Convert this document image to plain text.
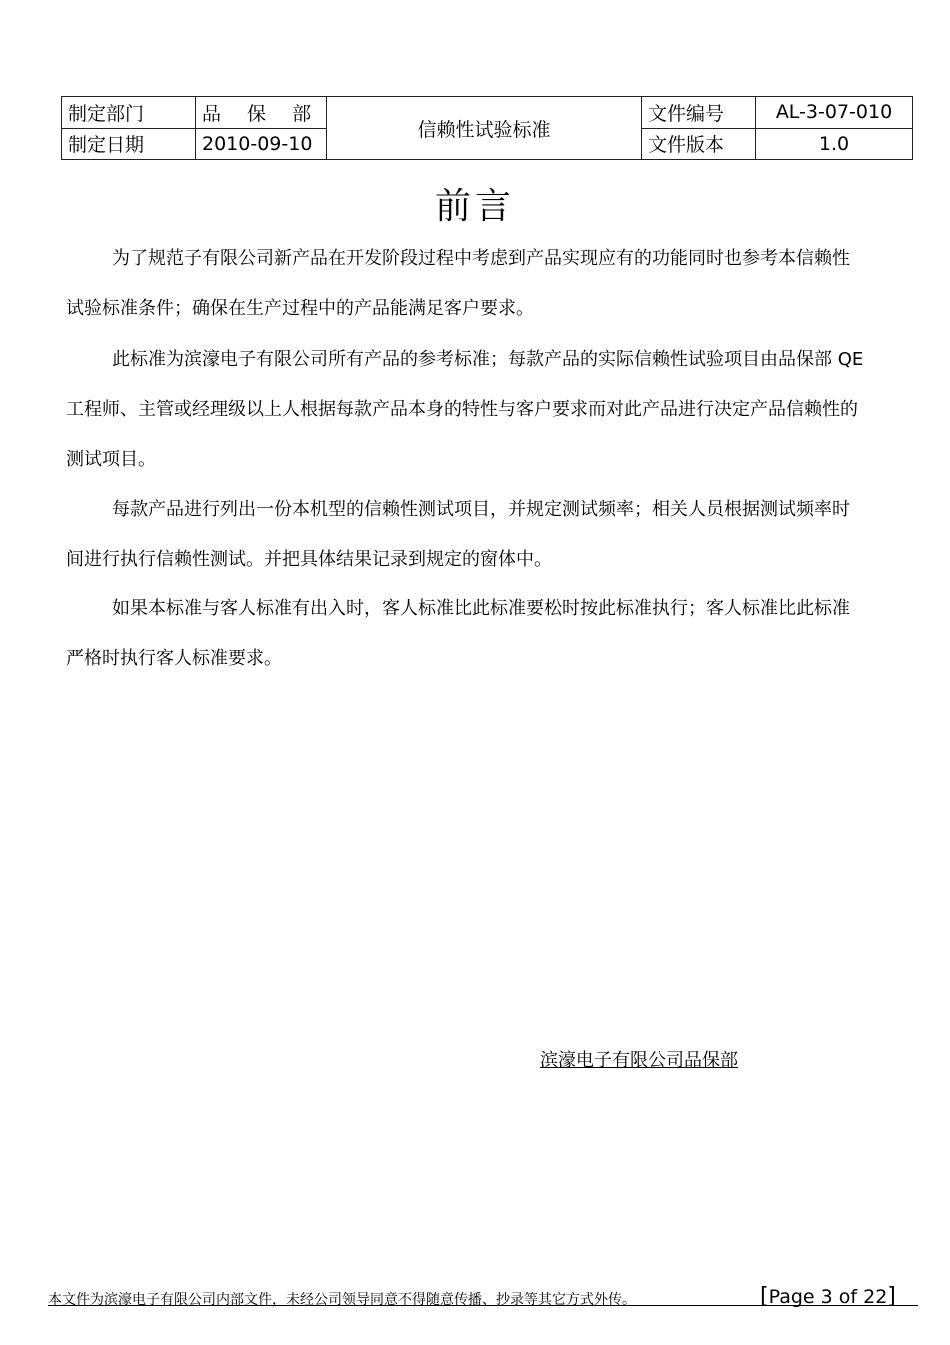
制定部门	品 保 部	信赖性试验标准	文件编号	AL-3-07-010
制定日期	2010-09-10		文件版本	1.0
前言

为了规范子有限公司新产品在开发阶段过程中考虑到产品实现应有的功能同时也参考本信赖性试验标准条件；确保在生产过程中的产品能满足客户要求。

此标准为滨濠电子有限公司所有产品的参考标准；每款产品的实际信赖性试验项目由品保部 QE 工程师、主管或经理级以上人根据每款产品本身的特性与客户要求而对此产品进行决定产品信赖性的测试项目。

每款产品进行列出一份本机型的信赖性测试项目，并规定测试频率；相关人员根据测试频率时间进行执行信赖性测试。并把具体结果记录到规定的窗体中。

如果本标准与客人标准有出入时，客人标准比此标准要松时按此标准执行；客人标准比此标准严格时执行客人标准要求。

滨濠电子有限公司品保部
本文件为滨濠电子有限公司内部文件，未经公司领导同意不得随意传播、抄录等其它方式外传。	[Page 3 of 22]
